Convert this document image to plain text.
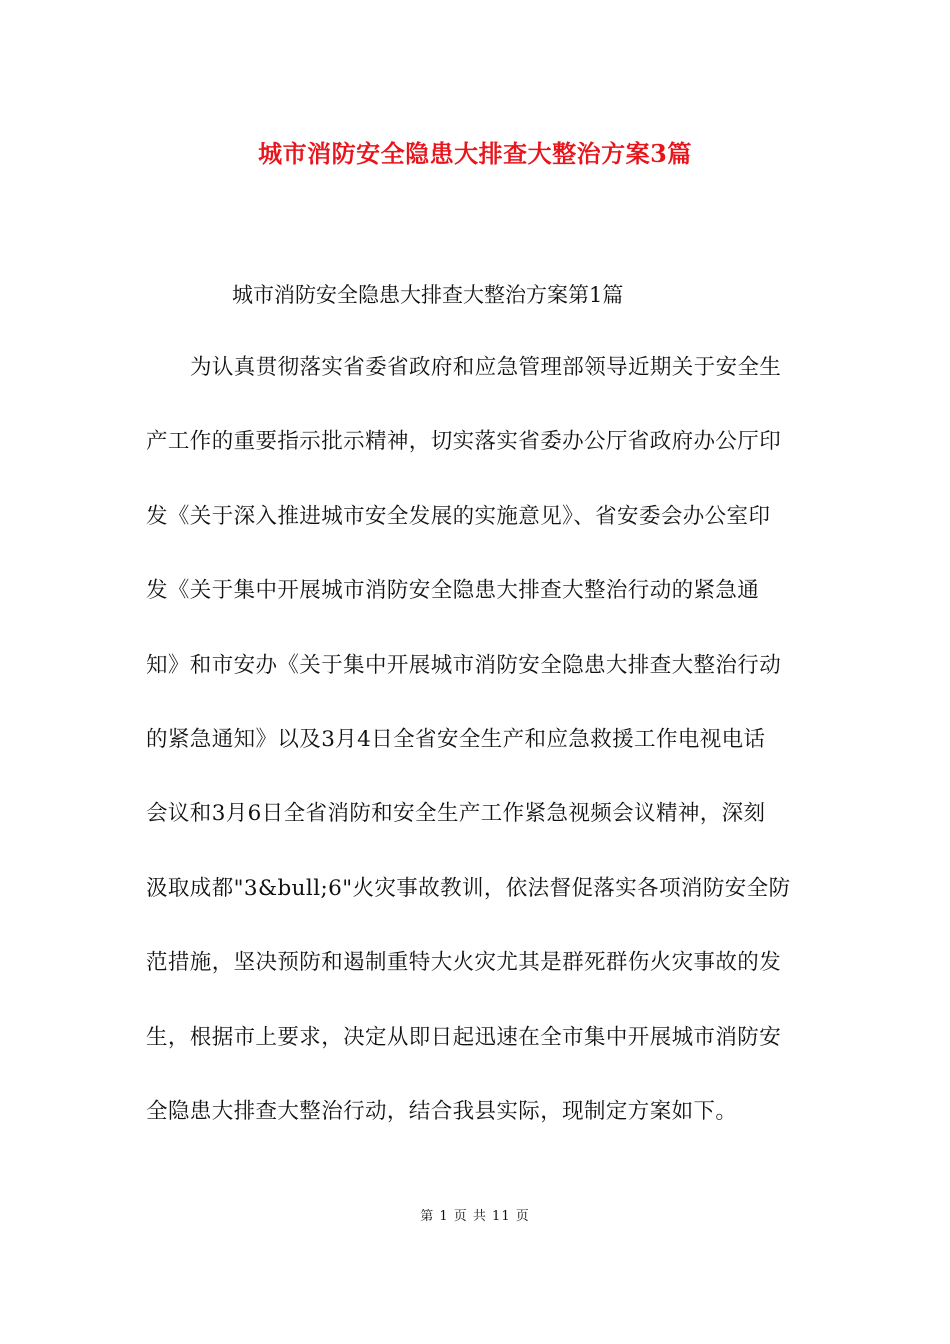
城市消防安全隐患大排查大整治方案3篇
城市消防安全隐患大排查大整治方案第1篇
为认真贯彻落实省委省政府和应急管理部领导近期关于安全生
产工作的重要指示批示精神，切实落实省委办公厅省政府办公厅印
发《关于深入推进城市安全发展的实施意见》、省安委会办公室印
发《关于集中开展城市消防安全隐患大排查大整治行动的紧急通
知》和市安办《关于集中开展城市消防安全隐患大排查大整治行动
的紧急通知》以及3月4日全省安全生产和应急救援工作电视电话
会议和3月6日全省消防和安全生产工作紧急视频会议精神，深刻
汲取成都"3&bull;6"火灾事故教训，依法督促落实各项消防安全防
范措施，坚决预防和遏制重特大火灾尤其是群死群伤火灾事故的发
生，根据市上要求，决定从即日起迅速在全市集中开展城市消防安
全隐患大排查大整治行动，结合我县实际，现制定方案如下。
第 1 页 共 11 页
